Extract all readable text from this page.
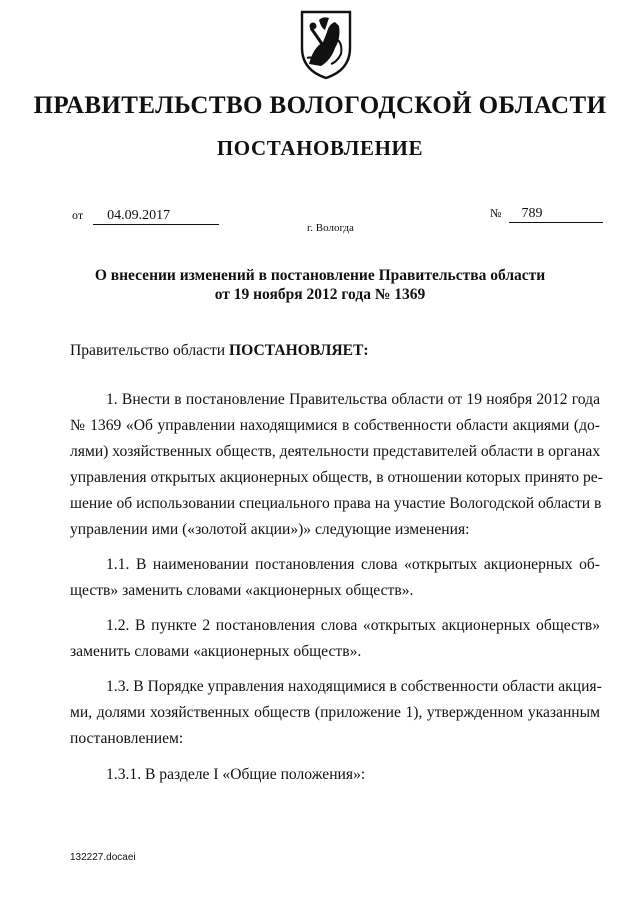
ПРАВИТЕЛЬСТВО ВОЛОГОДСКОЙ ОБЛАСТИ
ПОСТАНОВЛЕНИЕ
от 04.09.2017	№ 789
г. Вологда
О внесении изменений в постановление Правительства области
от 19 ноября 2012 года № 1369
Правительство области ПОСТАНОВЛЯЕТ:
1. Внести в постановление Правительства области от 19 ноября 2012 года
№ 1369 «Об управлении находящимися в собственности области акциями (до-
лями) хозяйственных обществ, деятельности представителей области в органах
управления открытых акционерных обществ, в отношении которых принято ре-
шение об использовании специального права на участие Вологодской области в
управлении ими («золотой акции»)» следующие изменения:
1.1. В наименовании постановления слова «открытых акционерных об-
ществ» заменить словами «акционерных обществ».
1.2. В пункте 2 постановления слова «открытых акционерных обществ»
заменить словами «акционерных обществ».
1.3. В Порядке управления находящимися в собственности области акция-
ми, долями хозяйственных обществ (приложение 1), утвержденном указанным
постановлением:
1.3.1. В разделе I «Общие положения»:
132227.docaei
